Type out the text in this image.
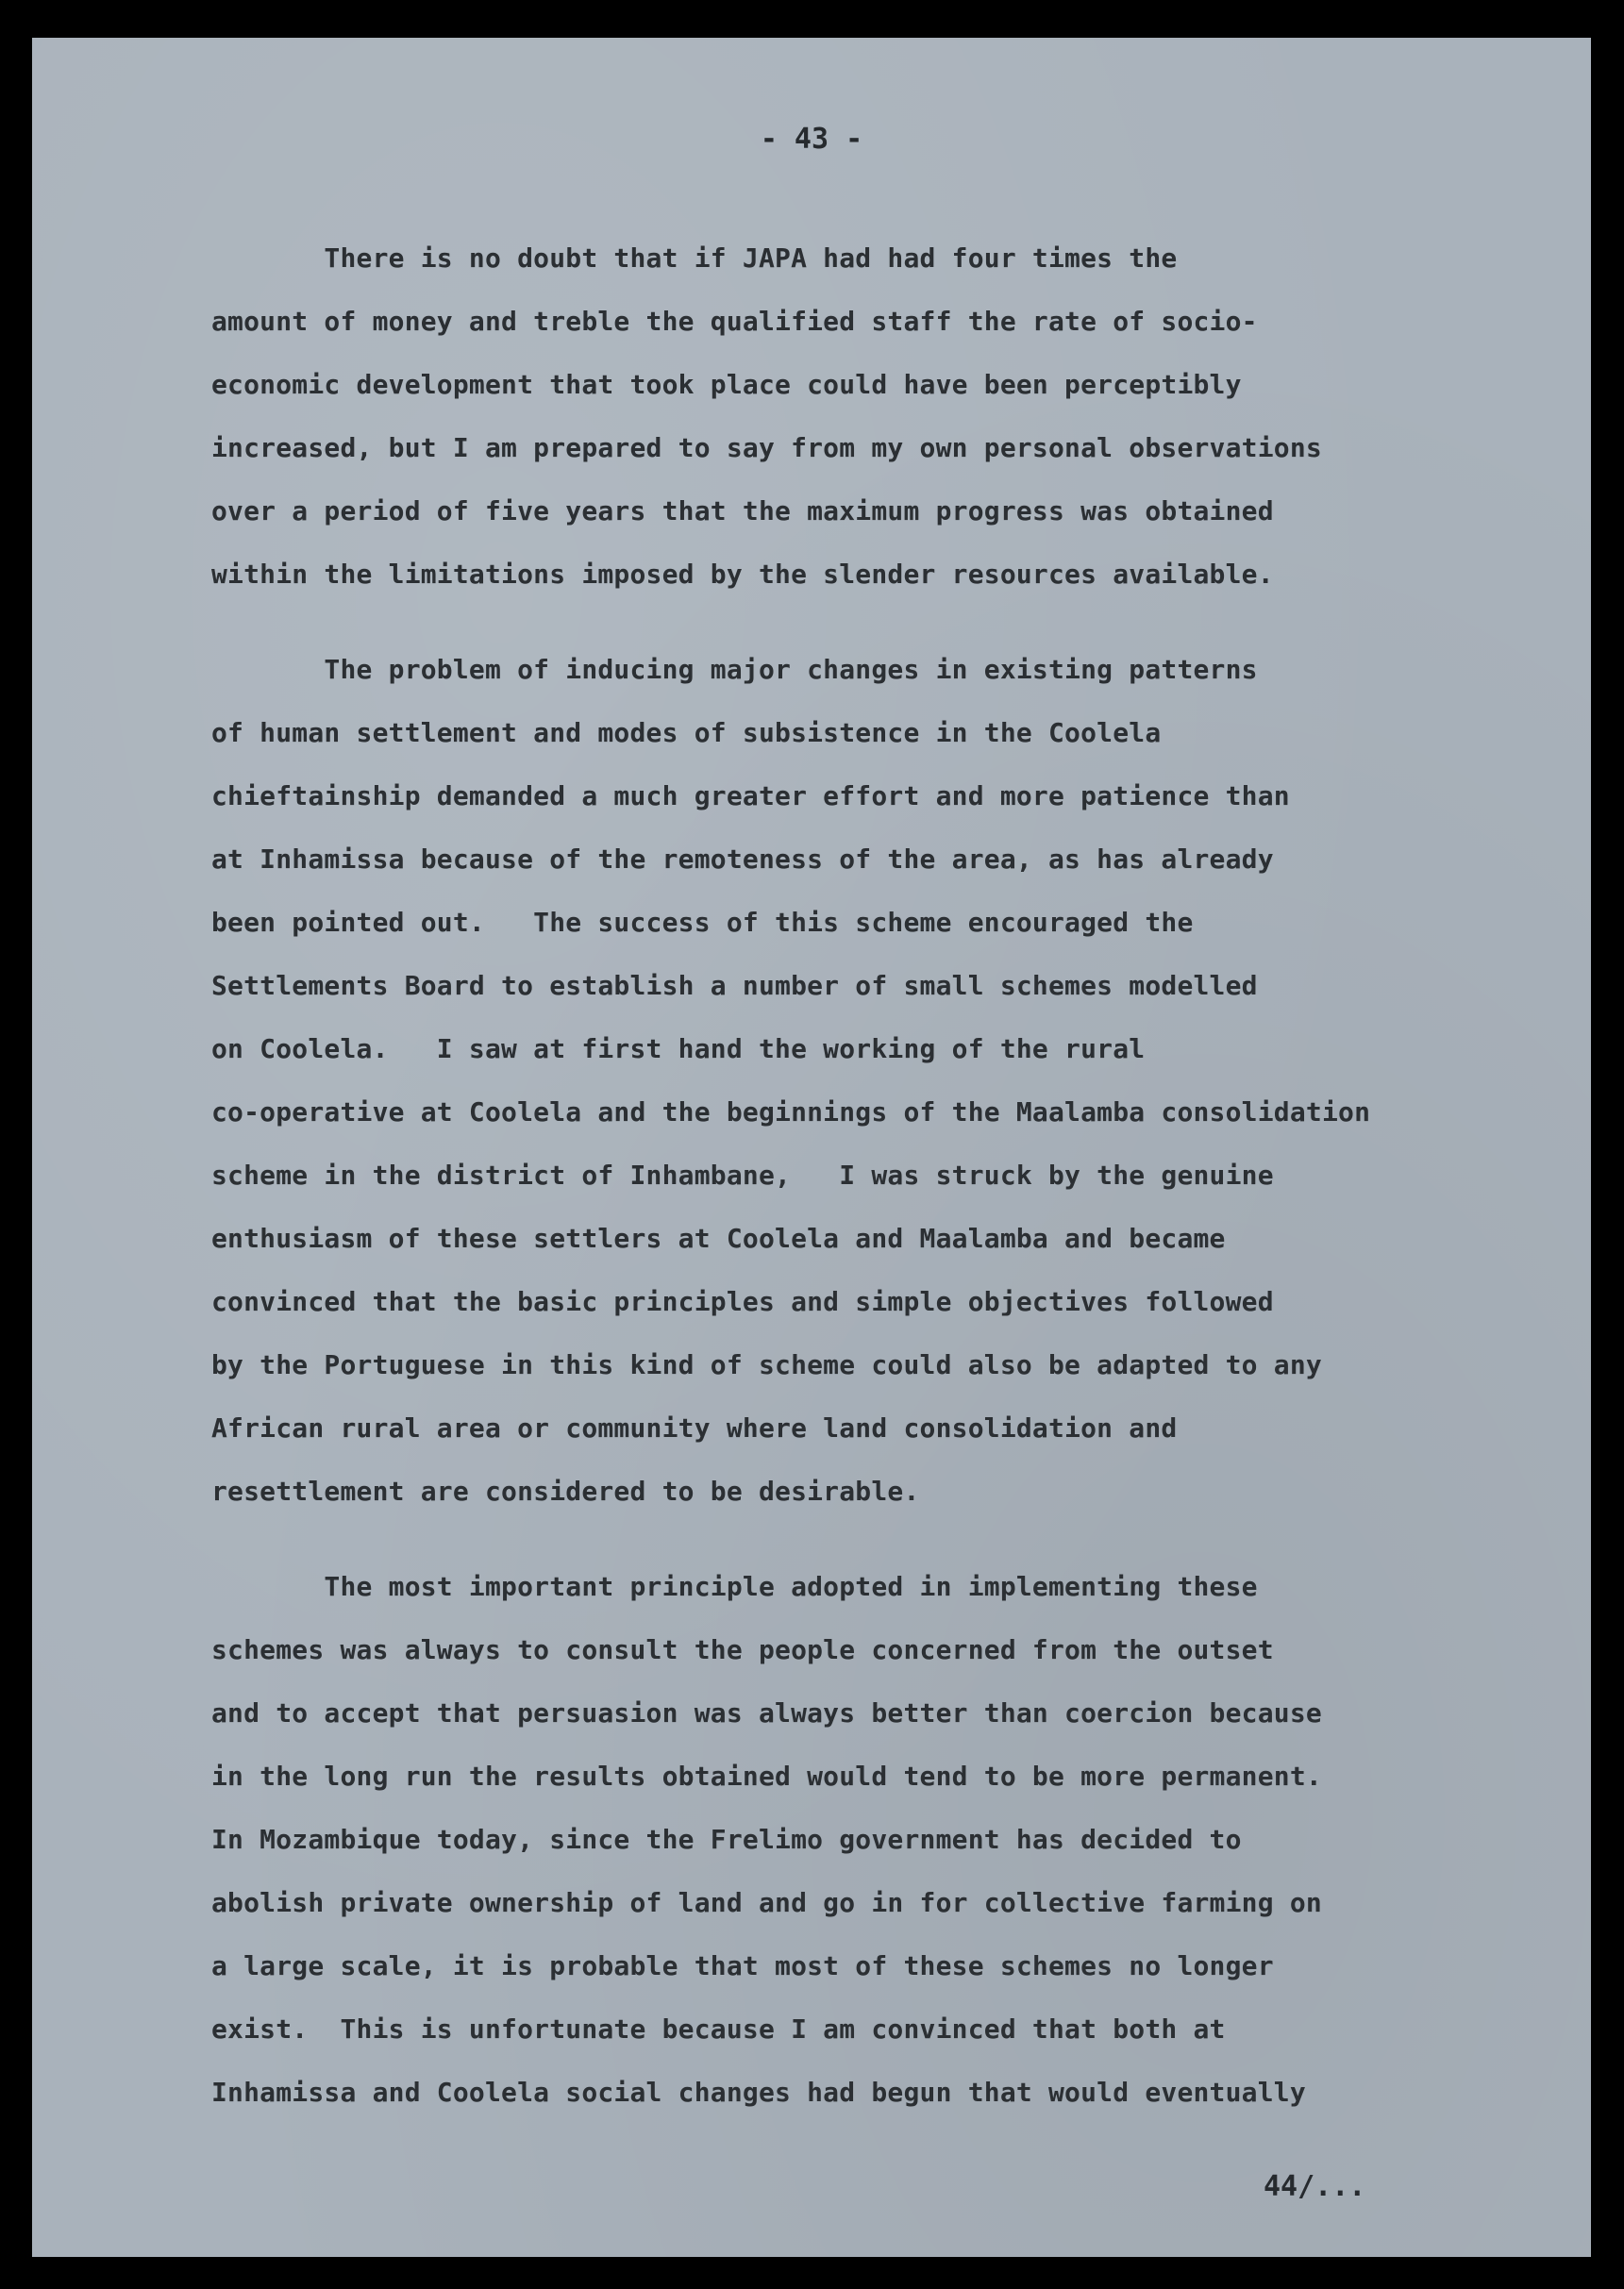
- 43 -

There is no doubt that if JAPA had had four times the
amount of money and treble the qualified staff the rate of socio-
economic development that took place could have been perceptibly
increased, but I am prepared to say from my own personal observations
over a period of five years that the maximum progress was obtained
within the limitations imposed by the slender resources available.
The problem of inducing major changes in existing patterns
of human settlement and modes of subsistence in the Coolela
chieftainship demanded a much greater effort and more patience than
at Inhamissa because of the remoteness of the area, as has already
been pointed out.   The success of this scheme encouraged the
Settlements Board to establish a number of small schemes modelled
on Coolela.   I saw at first hand the working of the rural
co-operative at Coolela and the beginnings of the Maalamba consolidation
scheme in the district of Inhambane,   I was struck by the genuine
enthusiasm of these settlers at Coolela and Maalamba and became
convinced that the basic principles and simple objectives followed
by the Portuguese in this kind of scheme could also be adapted to any
African rural area or community where land consolidation and
resettlement are considered to be desirable.
The most important principle adopted in implementing these
schemes was always to consult the people concerned from the outset
and to accept that persuasion was always better than coercion because
in the long run the results obtained would tend to be more permanent.
In Mozambique today, since the Frelimo government has decided to
abolish private ownership of land and go in for collective farming on
a large scale, it is probable that most of these schemes no longer
exist.  This is unfortunate because I am convinced that both at
Inhamissa and Coolela social changes had begun that would eventually
44/...
